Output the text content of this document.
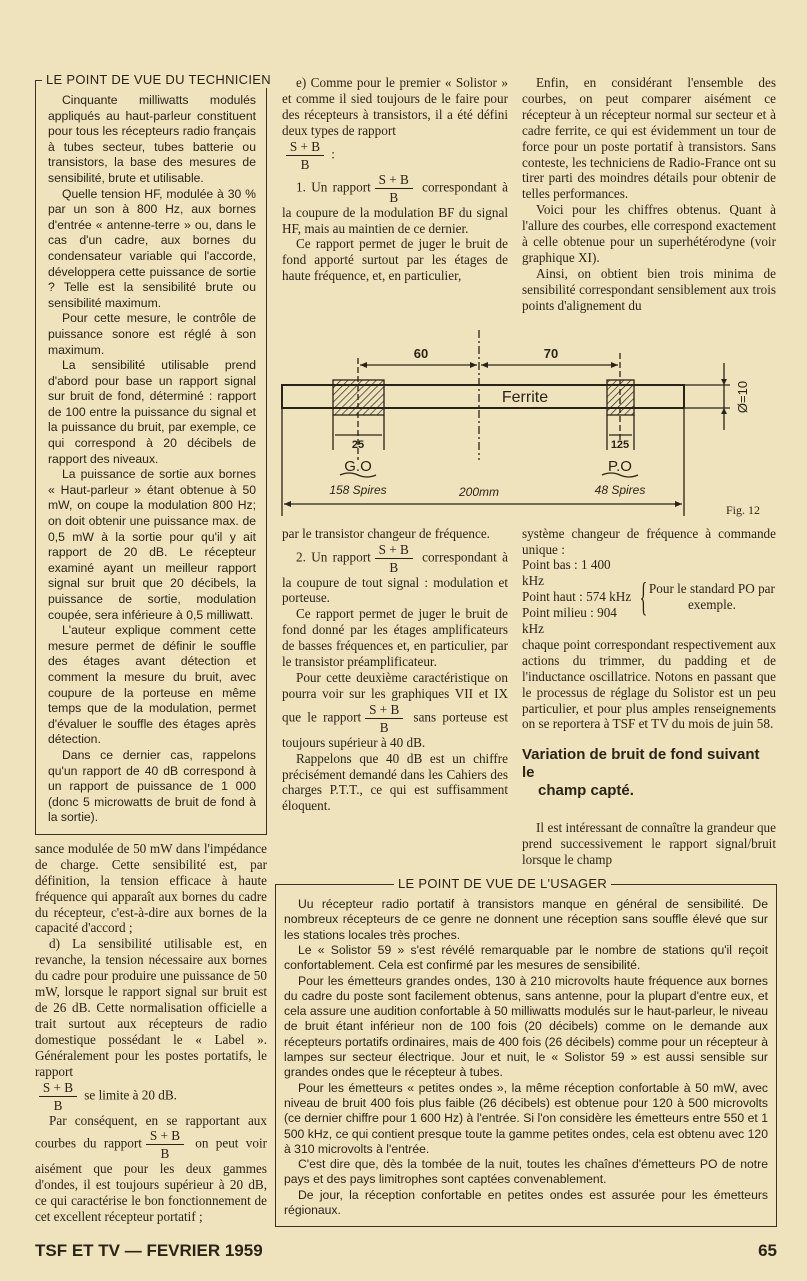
LE POINT DE VUE DU TECHNICIEN

Cinquante milliwatts modulés appliqués au haut-parleur constituent pour tous les récepteurs radio français à tubes secteur, tubes batterie ou transistors, la base des mesures de sensibilité, brute et utilisable.

Quelle tension HF, modulée à 30 % par un son à 800 Hz, aux bornes d'entrée « antenne-terre » ou, dans le cas d'un cadre, aux bornes du condensateur variable qui l'accorde, développera cette puissance de sortie ? Telle est la sensibilité brute ou sensibilité maximum.

Pour cette mesure, le contrôle de puissance sonore est réglé à son maximum.

La sensibilité utilisable prend d'abord pour base un rapport signal sur bruit de fond, déterminé : rapport de 100 entre la puissance du signal et la puissance du bruit, par exemple, ce qui correspond à 20 décibels de rapport des niveaux.

La puissance de sortie aux bornes « Haut-parleur » étant obtenue à 50 mW, on coupe la modulation 800 Hz; on doit obtenir une puissance max. de 0,5 mW à la sortie pour qu'il y ait rapport de 20 dB. Le récepteur examiné ayant un meilleur rapport signal sur bruit que 20 décibels, la puissance de sortie, modulation coupée, sera inférieure à 0,5 milliwatt.

L'auteur explique comment cette mesure permet de définir le souffle des étages avant détection et comment la mesure du bruit, avec coupure de la porteuse en même temps que de la modulation, permet d'évaluer le souffle des étages après détection.

Dans ce dernier cas, rappelons qu'un rapport de 40 dB correspond à un rapport de puissance de 1 000 (donc 5 microwatts de bruit de fond à la sortie).

sance modulée de 50 mW dans l'impédance de charge. Cette sensibilité est, par définition, la tension efficace à haute fréquence qui apparaît aux bornes du cadre du récepteur, c'est-à-dire aux bornes de la capacité d'accord ;

d) La sensibilité utilisable est, en revanche, la tension nécessaire aux bornes du cadre pour produire une puissance de 50 mW, lorsque le rapport signal sur bruit est de 26 dB. Cette normalisation officielle a trait surtout aux récepteurs de radio domestique possédant le « Label ». Généralement pour les postes portatifs, le rapport

$\frac{S + B}{B}$ se limite à 20 dB.

Par conséquent, en se rapportant aux courbes du rapport $\frac{S + B}{B}$ on peut voir aisément que pour les deux gammes d'ondes, il est toujours supérieur à 20 dB, ce qui caractérise le bon fonctionnement de cet excellent récepteur portatif ;

e) Comme pour le premier « Solistor » et comme il sied toujours de le faire pour des récepteurs à transistors, il a été défini deux types de rapport

$\frac{S + B}{B}$ :

1. Un rapport $\frac{S + B}{B}$ correspondant à la coupure de la modulation BF du signal HF, mais au maintien de ce dernier.

Ce rapport permet de juger le bruit de fond apporté surtout par les étages de haute fréquence, et, en particulier,

Enfin, en considérant l'ensemble des courbes, on peut comparer aisément ce récepteur à un récepteur normal sur secteur et à cadre ferrite, ce qui est évidemment un tour de force pour un poste portatif à transistors. Sans conteste, les techniciens de Radio-France ont su tirer parti des moindres détails pour obtenir de telles performances.

Voici pour les chiffres obtenus. Quant à l'allure des courbes, elle correspond exactement à celle obtenue pour un superhétérodyne (voir graphique XI).

Ainsi, on obtient bien trois minima de sensibilité correspondant sensiblement aux trois points d'alignement du

60	70
Ferrite
25	125
G.O	P.O
158 Spires	48 Spires
200mm
Ø=10
Fig. 12

par le transistor changeur de fréquence.

2. Un rapport $\frac{S + B}{B}$ correspondant à la coupure de tout signal : modulation et porteuse.

Ce rapport permet de juger le bruit de fond donné par les étages amplificateurs de basses fréquences et, en particulier, par le transistor préamplificateur.

Pour cette deuxième caractéristique on pourra voir sur les graphiques VII et IX que le rapport $\frac{S + B}{B}$ sans porteuse est toujours supérieur à 40 dB.

Rappelons que 40 dB est un chiffre précisément demandé dans les Cahiers des charges P.T.T., ce qui est suffisamment éloquent.

système changeur de fréquence à commande unique :

Point bas : 1 400 kHz
Point haut : 574 kHz
Point milieu : 904 kHz
{ Pour le standard PO par exemple.

chaque point correspondant respectivement aux actions du trimmer, du padding et de l'inductance oscillatrice. Notons en passant que le processus de réglage du Solistor est un peu particulier, et pour plus amples renseignements on se reportera à TSF et TV du mois de juin 58.

Variation de bruit de fond suivant le
champ capté.

Il est intéressant de connaître la grandeur que prend successivement le rapport signal/bruit lorsque le champ

LE POINT DE VUE DE L'USAGER

Uu récepteur radio portatif à transistors manque en général de sensibilité. De nombreux récepteurs de ce genre ne donnent une réception sans souffle élevé que sur les stations locales très proches.

Le « Solistor 59 » s'est révélé remarquable par le nombre de stations qu'il reçoit confortablement. Cela est confirmé par les mesures de sensibilité.

Pour les émetteurs grandes ondes, 130 à 210 microvolts haute fréquence aux bornes du cadre du poste sont facilement obtenus, sans antenne, pour la plupart d'entre eux, et cela assure une audition confortable à 50 milliwatts modulés sur le haut-parleur, le niveau de bruit étant inférieur non de 100 fois (20 décibels) comme on le demande aux récepteurs portatifs ordinaires, mais de 400 fois (26 décibels) comme pour un récepteur à lampes sur secteur électrique. Jour et nuit, le « Solistor 59 » est aussi sensible sur grandes ondes que le récepteur à tubes.

Pour les émetteurs « petites ondes », la même réception confortable à 50 mW, avec niveau de bruit 400 fois plus faible (26 décibels) est obtenue pour 120 à 500 microvolts (ce dernier chiffre pour 1 600 Hz) à l'entrée. Si l'on considère les émetteurs entre 550 et 1 500 kHz, ce qui contient presque toute la gamme petites ondes, cela est obtenu avec 120 à 310 microvolts à l'entrée.

C'est dire que, dès la tombée de la nuit, toutes les chaînes d'émetteurs PO de notre pays et des pays limitrophes sont captées convenablement.

De jour, la réception confortable en petites ondes est assurée pour les émetteurs régionaux.

TSF ET TV — FEVRIER 1959	65
